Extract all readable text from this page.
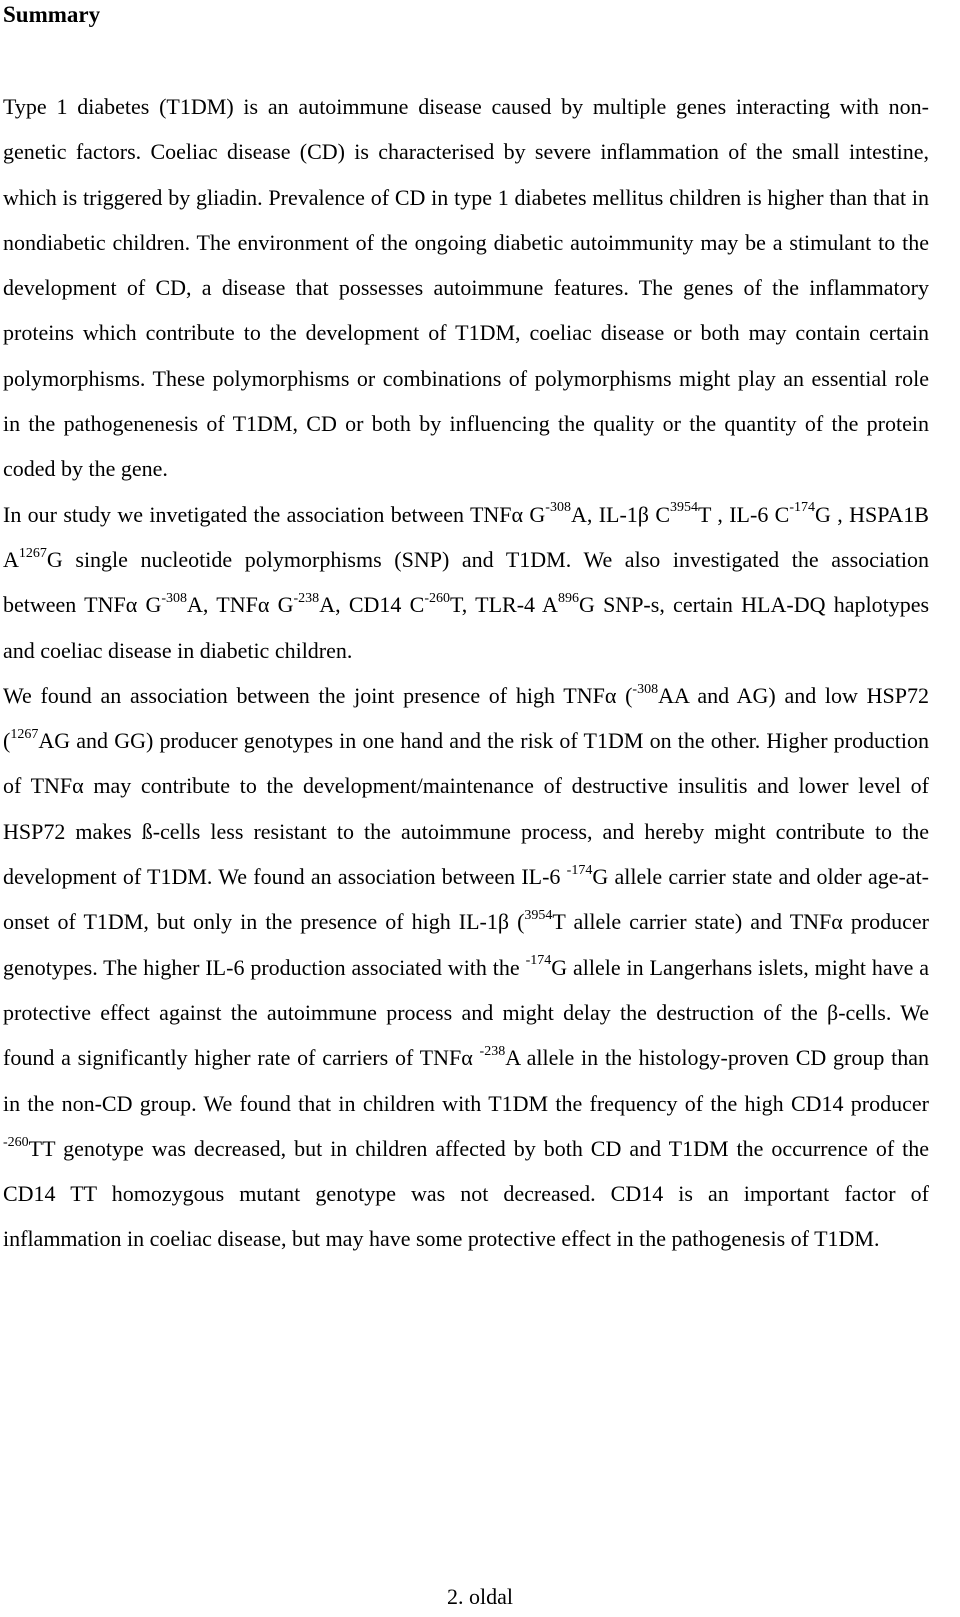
Summary

Type 1 diabetes (T1DM) is an autoimmune disease caused by multiple genes interacting with non-genetic factors. Coeliac disease (CD) is characterised by severe inflammation of the small intestine, which is triggered by gliadin. Prevalence of CD in type 1 diabetes mellitus children is higher than that in nondiabetic children. The environment of the ongoing diabetic autoimmunity may be a stimulant to the development of CD, a disease that possesses autoimmune features. The genes of the inflammatory proteins which contribute to the development of T1DM, coeliac disease or both may contain certain polymorphisms. These polymorphisms or combinations of polymorphisms might play an essential role in the pathogenenesis of T1DM, CD or both by influencing the quality or the quantity of the protein coded by the gene.

In our study we invetigated the association between TNFα $G^{-308}A$, IL-1β $C^{3954}T$ , IL-6 $C^{-174}G$ , HSPA1B $A^{1267}G$ single nucleotide polymorphisms (SNP) and T1DM. We also investigated the association between TNFα $G^{-308}A$, TNFα $G^{-238}A$, CD14 $C^{-260}T$, TLR-4 $A^{896}G$ SNP-s, certain HLA-DQ haplotypes and coeliac disease in diabetic children.

We found an association between the joint presence of high TNFα ($^{-308}$AA and AG) and low HSP72 ($^{1267}$AG and GG) producer genotypes in one hand and the risk of T1DM on the other. Higher production of TNFα may contribute to the development/maintenance of destructive insulitis and lower level of HSP72 makes ß-cells less resistant to the autoimmune process, and hereby might contribute to the development of T1DM. We found an association between IL-6 $^{-174}$G allele carrier state and older age-at-onset of T1DM, but only in the presence of high IL-1β ($^{3954}$T allele carrier state) and TNFα producer genotypes. The higher IL-6 production associated with the $^{-174}$G allele in Langerhans islets, might have a protective effect against the autoimmune process and might delay the destruction of the β-cells. We found a significantly higher rate of carriers of TNFα $^{-238}$A allele in the histology-proven CD group than in the non-CD group. We found that in children with T1DM the frequency of the high CD14 producer $^{-260}$TT genotype was decreased, but in children affected by both CD and T1DM the occurrence of the CD14 TT homozygous mutant genotype was not decreased. CD14 is an important factor of inflammation in coeliac disease, but may have some protective effect in the pathogenesis of T1DM.

2. oldal
